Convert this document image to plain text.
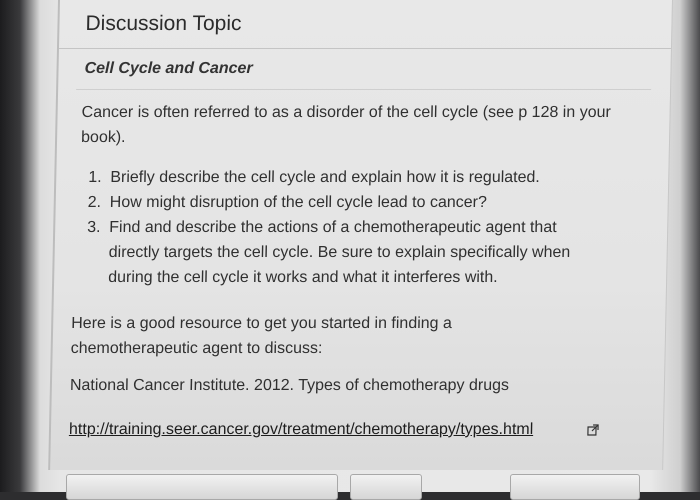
Discussion Topic
Cell Cycle and Cancer
Cancer is often referred to as a disorder of the cell cycle (see p 128 in your book).
1. Briefly describe the cell cycle and explain how it is regulated.
2. How might disruption of the cell cycle lead to cancer?
3. Find and describe the actions of a chemotherapeutic agent that directly targets the cell cycle. Be sure to explain specifically when during the cell cycle it works and what it interferes with.
Here is a good resource to get you started in finding a chemotherapeutic agent to discuss:
National Cancer Institute. 2012. Types of chemotherapy drugs
http://training.seer.cancer.gov/treatment/chemotherapy/types.html
